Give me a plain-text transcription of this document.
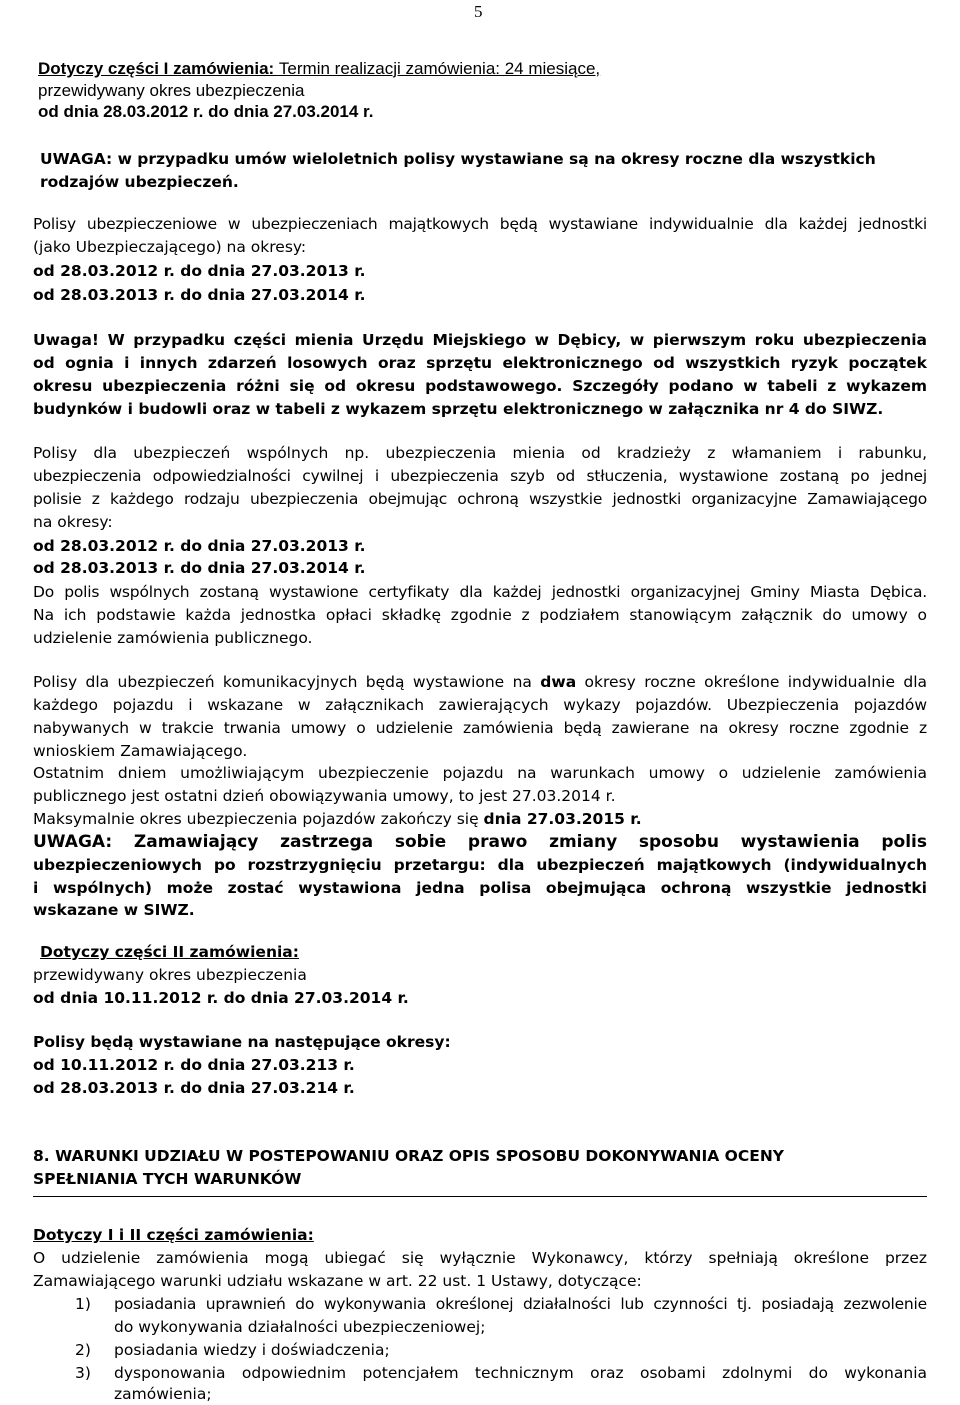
5
Dotyczy części I zamówienia: Termin realizacji zamówienia: 24 miesiące,
przewidywany okres ubezpieczenia
od dnia 28.03.2012 r. do dnia 27.03.2014 r.
UWAGA: w przypadku umów wieloletnich polisy wystawiane są na okresy roczne dla wszystkich
rodzajów ubezpieczeń.
Polisy ubezpieczeniowe w ubezpieczeniach majątkowych będą wystawiane indywidualnie dla każdej jednostki
(jako Ubezpieczającego) na okresy:
od 28.03.2012 r. do dnia 27.03.2013 r.
od 28.03.2013 r. do dnia 27.03.2014 r.
Uwaga! W przypadku części mienia Urzędu Miejskiego w Dębicy, w pierwszym roku ubezpieczenia
od ognia i innych zdarzeń losowych oraz sprzętu elektronicznego od wszystkich ryzyk początek
okresu ubezpieczenia różni się od okresu podstawowego. Szczegóły podano w tabeli z wykazem
budynków i budowli oraz w tabeli z wykazem sprzętu elektronicznego w załącznika nr 4 do SIWZ.
Polisy dla ubezpieczeń wspólnych np. ubezpieczenia mienia od kradzieży z włamaniem i rabunku,
ubezpieczenia odpowiedzialności cywilnej i ubezpieczenia szyb od stłuczenia, wystawione zostaną po jednej
polisie z każdego rodzaju ubezpieczenia obejmując ochroną wszystkie jednostki organizacyjne Zamawiającego
na okresy:
od 28.03.2012 r. do dnia 27.03.2013 r.
od 28.03.2013 r. do dnia 27.03.2014 r.
Do polis wspólnych zostaną wystawione certyfikaty dla każdej jednostki organizacyjnej Gminy Miasta Dębica.
Na ich podstawie każda jednostka opłaci składkę zgodnie z podziałem stanowiącym załącznik do umowy o
udzielenie zamówienia publicznego.
Polisy dla ubezpieczeń komunikacyjnych będą wystawione na dwa okresy roczne określone indywidualnie dla
każdego pojazdu i wskazane w załącznikach zawierających wykazy pojazdów. Ubezpieczenia pojazdów
nabywanych w trakcie trwania umowy o udzielenie zamówienia będą zawierane na okresy roczne zgodnie z
wnioskiem Zamawiającego.
Ostatnim dniem umożliwiającym ubezpieczenie pojazdu na warunkach umowy o udzielenie zamówienia
publicznego jest ostatni dzień obowiązywania umowy, to jest 27.03.2014 r.
Maksymalnie okres ubezpieczenia pojazdów zakończy się dnia 27.03.2015 r.
UWAGA: Zamawiający zastrzega sobie prawo zmiany sposobu wystawienia polis
ubezpieczeniowych po rozstrzygnięciu przetargu: dla ubezpieczeń majątkowych (indywidualnych
i wspólnych) może zostać wystawiona jedna polisa obejmująca ochroną wszystkie jednostki
wskazane w SIWZ.
Dotyczy części II zamówienia:
przewidywany okres ubezpieczenia
od dnia 10.11.2012 r. do dnia 27.03.2014 r.
Polisy będą wystawiane na następujące okresy:
od 10.11.2012 r. do dnia 27.03.213 r.
od 28.03.2013 r. do dnia 27.03.214 r.
8. WARUNKI UDZIAŁU W POSTEPOWANIU ORAZ OPIS SPOSOBU DOKONYWANIA OCENY
SPEŁNIANIA TYCH WARUNKÓW
Dotyczy I i II części zamówienia:
O udzielenie zamówienia mogą ubiegać się wyłącznie Wykonawcy, którzy spełniają określone przez
Zamawiającego warunki udziału wskazane w art. 22 ust. 1 Ustawy, dotyczące:
1) posiadania uprawnień do wykonywania określonej działalności lub czynności tj. posiadają zezwolenie
do wykonywania działalności ubezpieczeniowej;
2) posiadania wiedzy i doświadczenia;
3) dysponowania odpowiednim potencjałem technicznym oraz osobami zdolnymi do wykonania
zamówienia;
